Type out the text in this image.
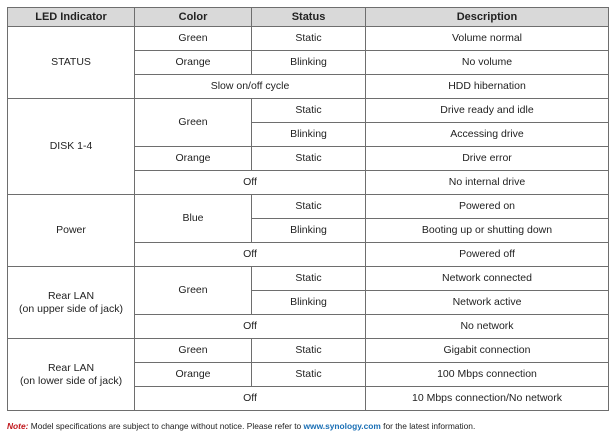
LED Indicator	Color	Status	Description
STATUS	Green	Static	Volume normal
	Orange	Blinking	No volume
	Slow on/off cycle		HDD hibernation
DISK 1-4	Green	Static	Drive ready and idle
		Blinking	Accessing drive
	Orange	Static	Drive error
	Off		No internal drive
Power	Blue	Static	Powered on
		Blinking	Booting up or shutting down
	Off		Powered off
Rear LAN
(on upper side of jack)	Green	Static	Network connected
		Blinking	Network active
	Off		No network
Rear LAN
(on lower side of jack)	Green	Static	Gigabit connection
	Orange	Static	100 Mbps connection
	Off		10 Mbps connection/No network
Note: Model specifications are subject to change without notice. Please refer to www.synology.com for the latest information.
